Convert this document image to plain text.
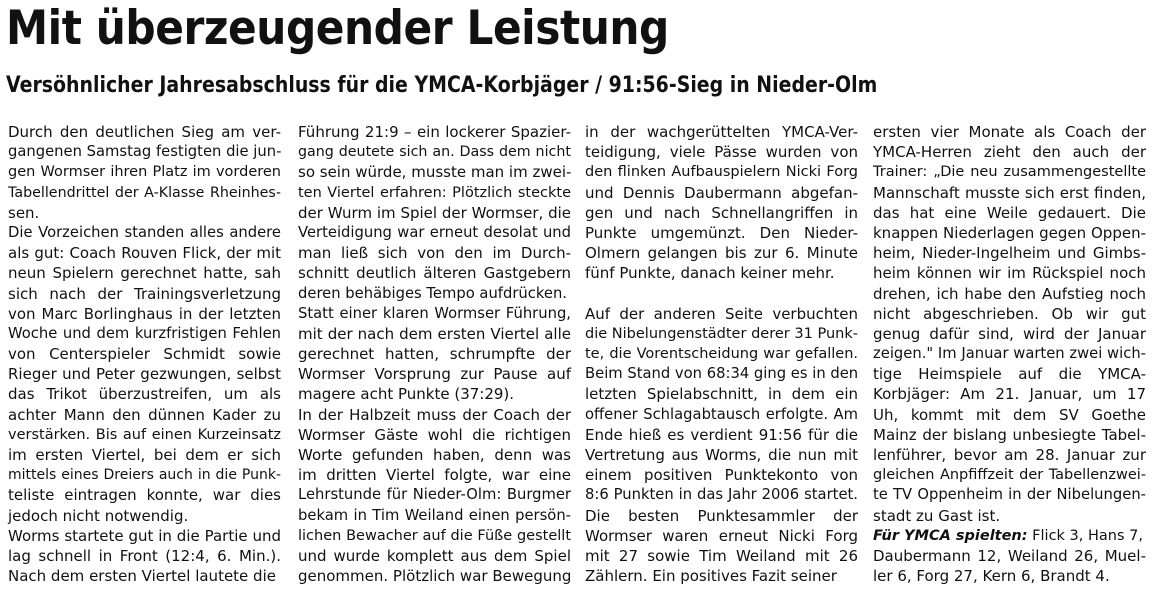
Mit überzeugender Leistung
Versöhnlicher Jahresabschluss für die YMCA-Korbjäger / 91:56-Sieg in Nieder-Olm
Durch den deutlichen Sieg am ver-
gangenen Samstag festigten die jun-
gen Wormser ihren Platz im vorderen
Tabellendrittel der A-Klasse Rheinhes-
sen.
Die Vorzeichen standen alles andere
als gut: Coach Rouven Flick, der mit
neun Spielern gerechnet hatte, sah
sich nach der Trainingsverletzung
von Marc Borlinghaus in der letzten
Woche und dem kurzfristigen Fehlen
von Centerspieler Schmidt sowie
Rieger und Peter gezwungen, selbst
das Trikot überzustreifen, um als
achter Mann den dünnen Kader zu
verstärken. Bis auf einen Kurzeinsatz
im ersten Viertel, bei dem er sich
mittels eines Dreiers auch in die Punk-
teliste eintragen konnte, war dies
jedoch nicht notwendig.
Worms startete gut in die Partie und
lag schnell in Front (12:4, 6. Min.).
Nach dem ersten Viertel lautete die
Führung 21:9 – ein lockerer Spazier-
gang deutete sich an. Dass dem nicht
so sein würde, musste man im zwei-
ten Viertel erfahren: Plötzlich steckte
der Wurm im Spiel der Wormser, die
Verteidigung war erneut desolat und
man ließ sich von den im Durch-
schnitt deutlich älteren Gastgebern
deren behäbiges Tempo aufdrücken.
Statt einer klaren Wormser Führung,
mit der nach dem ersten Viertel alle
gerechnet hatten, schrumpfte der
Wormser Vorsprung zur Pause auf
magere acht Punkte (37:29).
In der Halbzeit muss der Coach der
Wormser Gäste wohl die richtigen
Worte gefunden haben, denn was
im dritten Viertel folgte, war eine
Lehrstunde für Nieder-Olm: Burgmer
bekam in Tim Weiland einen persön-
lichen Bewacher auf die Füße gestellt
und wurde komplett aus dem Spiel
genommen. Plötzlich war Bewegung
in der wachgerüttelten YMCA-Ver-
teidigung, viele Pässe wurden von
den flinken Aufbauspielern Nicki Forg
und Dennis Daubermann abgefan-
gen und nach Schnellangriffen in
Punkte umgemünzt. Den Nieder-
Olmern gelangen bis zur 6. Minute
fünf Punkte, danach keiner mehr.
Auf der anderen Seite verbuchten
die Nibelungenstädter derer 31 Punk-
te, die Vorentscheidung war gefallen.
Beim Stand von 68:34 ging es in den
letzten Spielabschnitt, in dem ein
offener Schlagabtausch erfolgte. Am
Ende hieß es verdient 91:56 für die
Vertretung aus Worms, die nun mit
einem positiven Punktekonto von
8:6 Punkten in das Jahr 2006 startet.
Die besten Punktesammler der
Wormser waren erneut Nicki Forg
mit 27 sowie Tim Weiland mit 26
Zählern. Ein positives Fazit seiner
ersten vier Monate als Coach der
YMCA-Herren zieht den auch der
Trainer: „Die neu zusammengestellte
Mannschaft musste sich erst finden,
das hat eine Weile gedauert. Die
knappen Niederlagen gegen Oppen-
heim, Nieder-Ingelheim und Gimbs-
heim können wir im Rückspiel noch
drehen, ich habe den Aufstieg noch
nicht abgeschrieben. Ob wir gut
genug dafür sind, wird der Januar
zeigen." Im Januar warten zwei wich-
tige Heimspiele auf die YMCA-
Korbjäger: Am 21. Januar, um 17
Uh, kommt mit dem SV Goethe
Mainz der bislang unbesiegte Tabel-
lenführer, bevor am 28. Januar zur
gleichen Anpfiffzeit der Tabellenzwei-
te TV Oppenheim in der Nibelungen-
stadt zu Gast ist.
Für YMCA spielten: Flick 3, Hans 7,
Daubermann 12, Weiland 26, Muel-
ler 6, Forg 27, Kern 6, Brandt 4.
